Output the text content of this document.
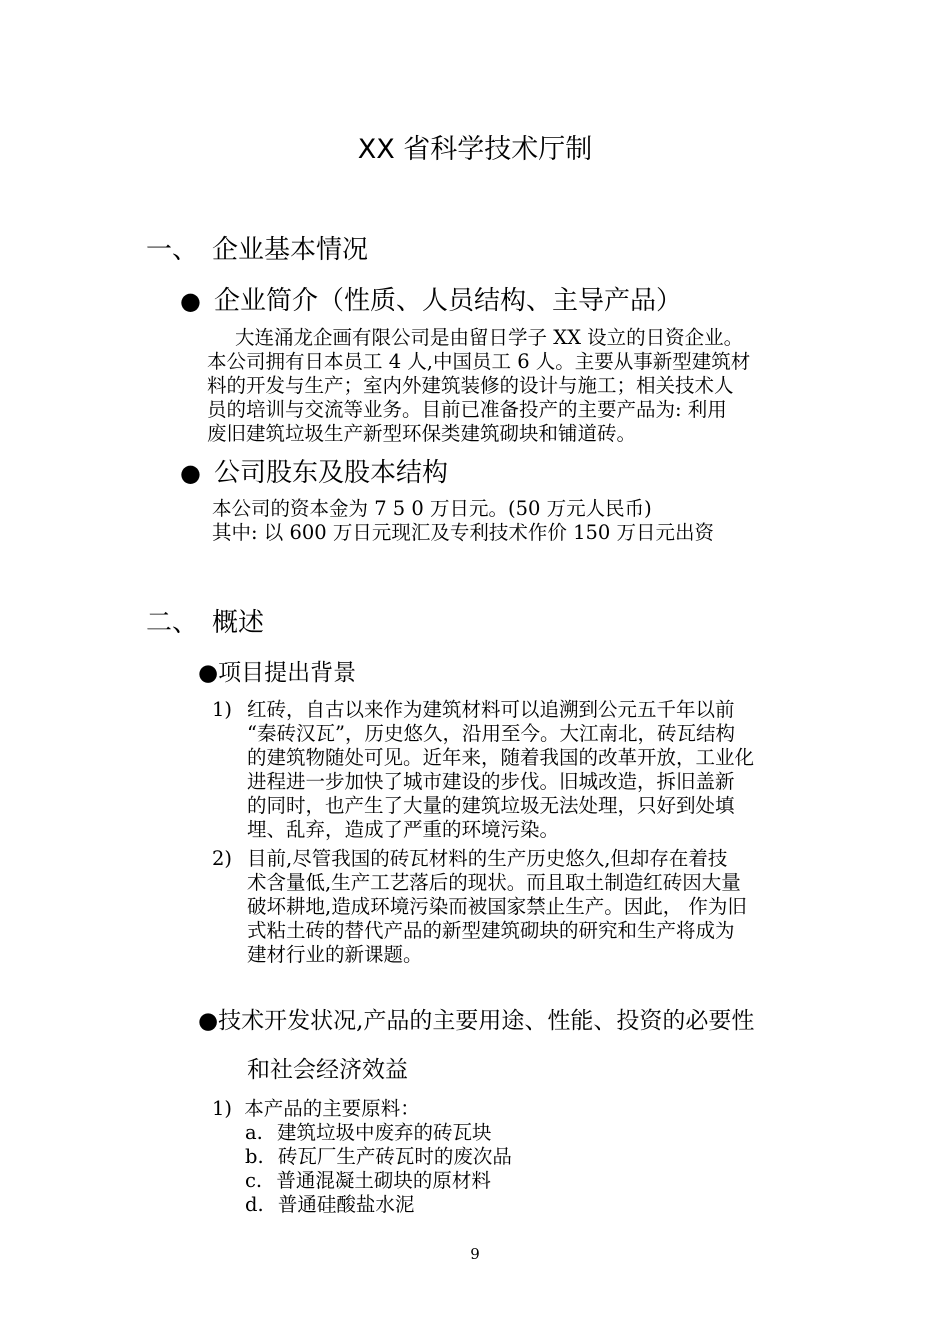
XX 省科学技术厅制
一、 企业基本情况
● 企业简介（性质、人员结构、主导产品）
大连涌龙企画有限公司是由留日学子 XX 设立的日资企业。
本公司拥有日本员工 4 人,中国员工 6 人。主要从事新型建筑材
料的开发与生产；室内外建筑装修的设计与施工；相关技术人
员的培训与交流等业务。目前已准备投产的主要产品为: 利用
废旧建筑垃圾生产新型环保类建筑砌块和铺道砖。
● 公司股东及股本结构
本公司的资本金为 7 5 0 万日元。(50 万元人民币)
其中: 以 600 万日元现汇及专利技术作价 150 万日元出资
二、 概述
●项目提出背景
1) 红砖，自古以来作为建筑材料可以追溯到公元五千年以前
“秦砖汉瓦”，历史悠久，沿用至今。大江南北，砖瓦结构
的建筑物随处可见。近年来，随着我国的改革开放，工业化
进程进一步加快了城市建设的步伐。旧城改造，拆旧盖新
的同时，也产生了大量的建筑垃圾无法处理，只好到处填
埋、乱弃，造成了严重的环境污染。
2) 目前,尽管我国的砖瓦材料的生产历史悠久,但却存在着技
术含量低,生产工艺落后的现状。而且取土制造红砖因大量
破坏耕地,造成环境污染而被国家禁止生产。因此， 作为旧
式粘土砖的替代产品的新型建筑砌块的研究和生产将成为
建材行业的新课题。
●技术开发状况,产品的主要用途、性能、投资的必要性
和社会经济效益
1) 本产品的主要原料：
a. 建筑垃圾中废弃的砖瓦块
b. 砖瓦厂生产砖瓦时的废次品
c. 普通混凝土砌块的原材料
d. 普通硅酸盐水泥
9
